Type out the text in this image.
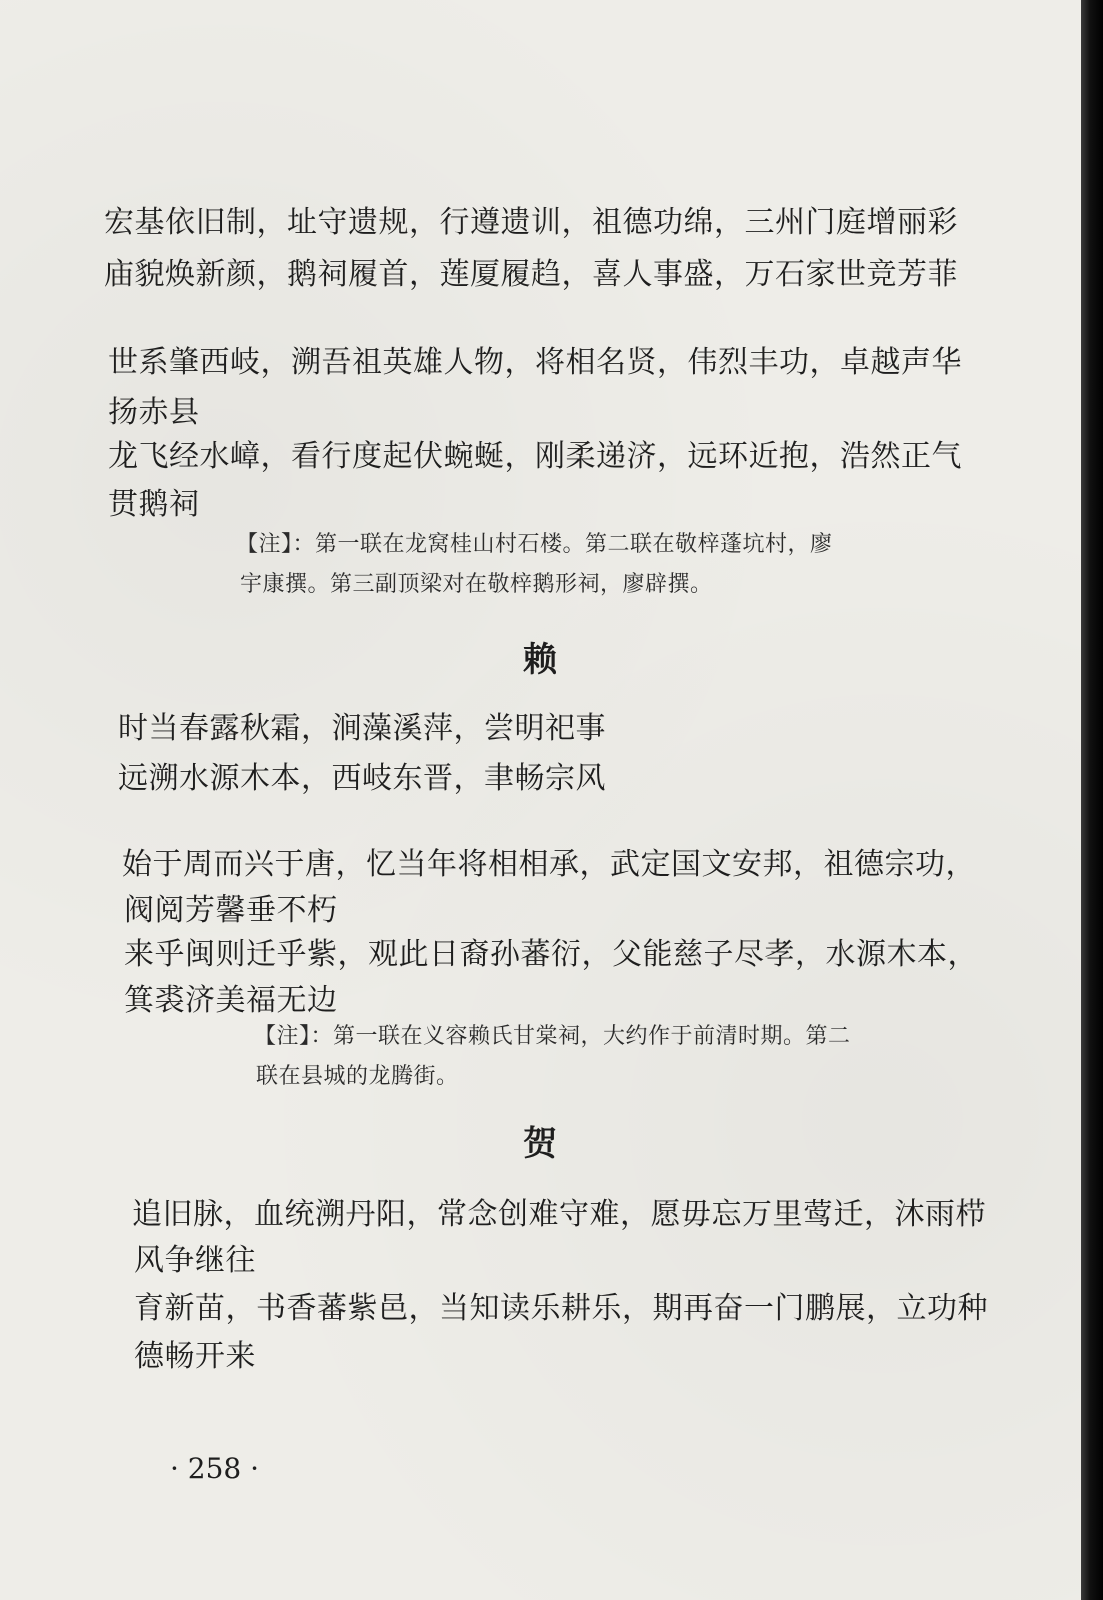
宏基依旧制，址守遗规，行遵遗训，祖德功绵，三州门庭增丽彩
庙貌焕新颜，鹅祠履首，莲厦履趋，喜人事盛，万石家世竞芳菲
世系肇西岐，溯吾祖英雄人物，将相名贤，伟烈丰功，卓越声华
扬赤县
龙飞经水嶂，看行度起伏蜿蜒，刚柔递济，远环近抱，浩然正气
贯鹅祠
【注】：第一联在龙窝桂山村石楼。第二联在敬梓蓬坑村，廖
宇康撰。第三副顶梁对在敬梓鹅形祠，廖辟撰。
赖
时当春露秋霜，涧藻溪萍，尝明祀事
远溯水源木本，西岐东晋，聿畅宗风
始于周而兴于唐，忆当年将相相承，武定国文安邦，祖德宗功，
阀阅芳馨垂不朽
来乎闽则迁乎紫，观此日裔孙蕃衍，父能慈子尽孝，水源木本，
箕裘济美福无边
【注】：第一联在义容赖氏甘棠祠，大约作于前清时期。第二
联在县城的龙腾街。
贺
追旧脉，血统溯丹阳，常念创难守难，愿毋忘万里莺迁，沐雨栉
风争继往
育新苗，书香蕃紫邑，当知读乐耕乐，期再奋一门鹏展，立功种
德畅开来
· 258 ·
